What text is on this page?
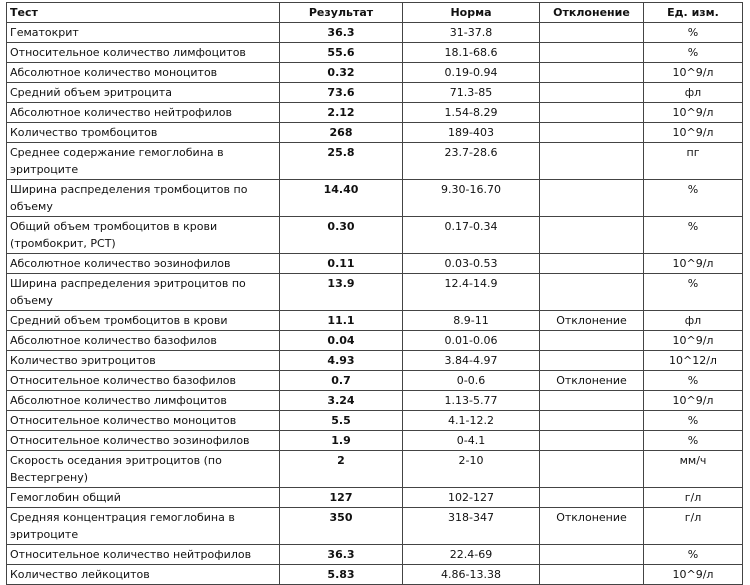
Тест	Результат	Норма	Отклонение	Ед. изм.
Гематокрит	36.3	31-37.8		%
Относительное количество лимфоцитов	55.6	18.1-68.6		%
Абсолютное количество моноцитов	0.32	0.19-0.94		10^9/л
Средний объем эритроцита	73.6	71.3-85		фл
Абсолютное количество нейтрофилов	2.12	1.54-8.29		10^9/л
Количество тромбоцитов	268	189-403		10^9/л
Среднее содержание гемоглобина в эритроците	25.8	23.7-28.6		пг
Ширина распределения тромбоцитов по объему	14.40	9.30-16.70		%
Общий объем тромбоцитов в крови (тромбокрит, PCT)	0.30	0.17-0.34		%
Абсолютное количество эозинофилов	0.11	0.03-0.53		10^9/л
Ширина распределения эритроцитов по объему	13.9	12.4-14.9		%
Средний объем тромбоцитов в крови	11.1	8.9-11	Отклонение	фл
Абсолютное количество базофилов	0.04	0.01-0.06		10^9/л
Количество эритроцитов	4.93	3.84-4.97		10^12/л
Относительное количество базофилов	0.7	0-0.6	Отклонение	%
Абсолютное количество лимфоцитов	3.24	1.13-5.77		10^9/л
Относительное количество моноцитов	5.5	4.1-12.2		%
Относительное количество эозинофилов	1.9	0-4.1		%
Скорость оседания эритроцитов (по Вестергрену)	2	2-10		мм/ч
Гемоглобин общий	127	102-127		г/л
Средняя концентрация гемоглобина в эритроците	350	318-347	Отклонение	г/л
Относительное количество нейтрофилов	36.3	22.4-69		%
Количество лейкоцитов	5.83	4.86-13.38		10^9/л
